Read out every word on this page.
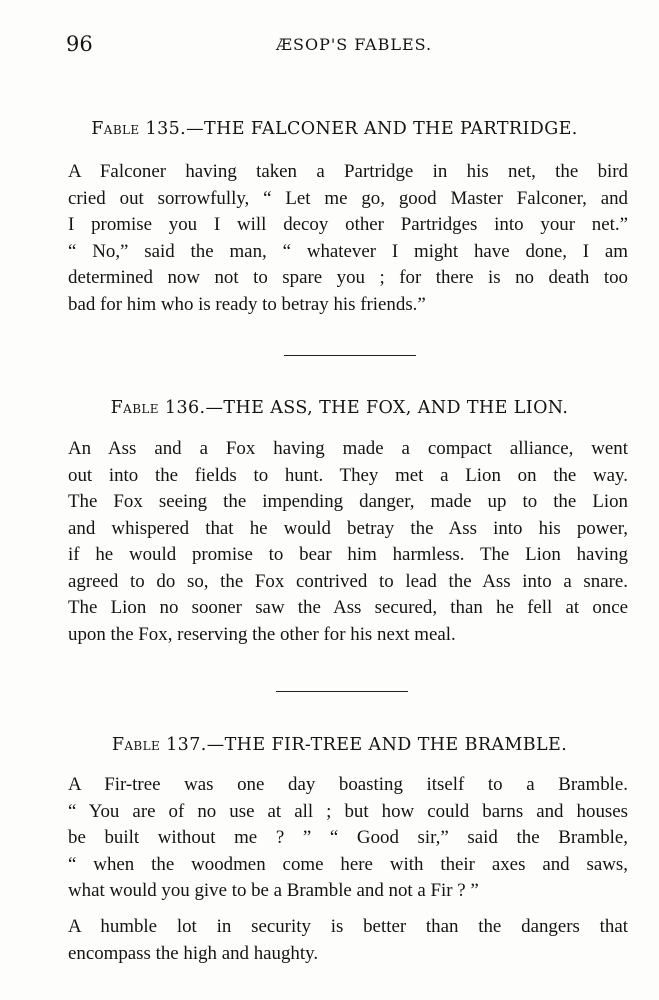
96	ÆSOP'S FABLES.
Fable 135.—THE FALCONER AND THE PARTRIDGE.
A Falconer having taken a Partridge in his net, the bird
cried out sorrowfully, “ Let me go, good Master Falconer, and
I promise you I will decoy other Partridges into your net.”
“ No,” said the man, “ whatever I might have done, I am
determined now not to spare you ; for there is no death too
bad for him who is ready to betray his friends.”
Fable 136.—THE ASS, THE FOX, AND THE LION.
An Ass and a Fox having made a compact alliance, went
out into the fields to hunt. They met a Lion on the way.
The Fox seeing the impending danger, made up to the Lion
and whispered that he would betray the Ass into his power,
if he would promise to bear him harmless. The Lion having
agreed to do so, the Fox contrived to lead the Ass into a snare.
The Lion no sooner saw the Ass secured, than he fell at once
upon the Fox, reserving the other for his next meal.
Fable 137.—THE FIR-TREE AND THE BRAMBLE.
A Fir-tree was one day boasting itself to a Bramble.
“ You are of no use at all ; but how could barns and houses
be built without me ? ” “ Good sir,” said the Bramble,
“ when the woodmen come here with their axes and saws,
what would you give to be a Bramble and not a Fir ? ”
A humble lot in security is better than the dangers that
encompass the high and haughty.
